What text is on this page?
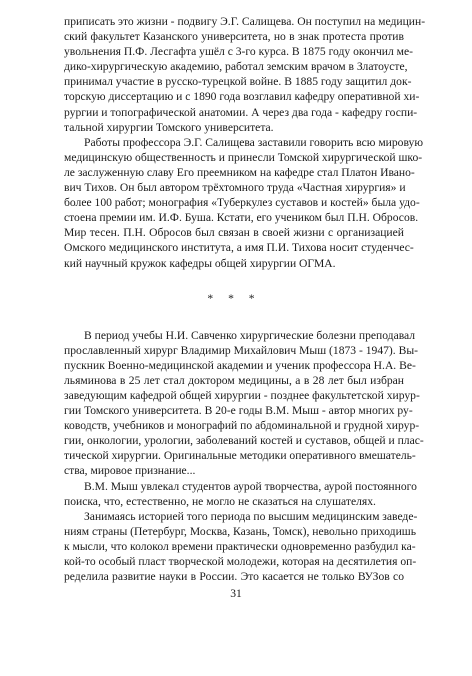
приписать это жизни - подвигу Э.Г. Салищева. Он поступил на медицин-
ский факультет Казанского университета, но в знак протеста против
увольнения П.Ф. Лесгафта ушёл с 3-го курса. В 1875 году окончил ме-
дико-хирургическую академию, работал земским врачом в Златоусте,
принимал участие в русско-турецкой войне. В 1885 году защитил док-
торскую диссертацию и с 1890 года возглавил кафедру оперативной хи-
рургии и топографической анатомии. А через два года - кафедру госпи-
тальной хирургии Томского университета.

Работы профессора Э.Г. Салищева заставили говорить всю мировую
медицинскую общественность и принесли Томской хирургической шко-
ле заслуженную славу Его преемником на кафедре стал Платон Ивано-
вич Тихов. Он был автором трёхтомного труда «Частная хирургия» и
более 100 работ; монография «Туберкулез суставов и костей» была удо-
стоена премии им. И.Ф. Буша. Кстати, его учеником был П.Н. Обросов.
Мир тесен. П.Н. Обросов был связан в своей жизни с организацией
Омского медицинского института, а имя П.И. Тихова носит студенчес-
кий научный кружок кафедры общей хирургии ОГМА.

* * *

В период учебы Н.И. Савченко хирургические болезни преподавал
прославленный хирург Владимир Михайлович Мыш (1873 - 1947). Вы-
пускник Военно-медицинской академии и ученик профессора Н.А. Ве-
льяминова в 25 лет стал доктором медицины, а в 28 лет был избран
заведующим кафедрой общей хирургии - позднее факультетской хирур-
гии Томского университета. В 20-е годы В.М. Мыш - автор многих ру-
ководств, учебников и монографий по абдоминальной и грудной хирур-
гии, онкологии, урологии, заболеваний костей и суставов, общей и плас-
тической хирургии. Оригинальные методики оперативного вмешатель-
ства, мировое признание...

В.М. Мыш увлекал студентов аурой творчества, аурой постоянного
поиска, что, естественно, не могло не сказаться на слушателях.

Занимаясь историей того периода по высшим медицинским заведе-
ниям страны (Петербург, Москва, Казань, Томск), невольно приходишь
к мысли, что колокол времени практически одновременно разбудил ка-
кой-то особый пласт творческой молодежи, которая на десятилетия оп-
ределила развитие науки в России. Это касается не только ВУЗов со

31
